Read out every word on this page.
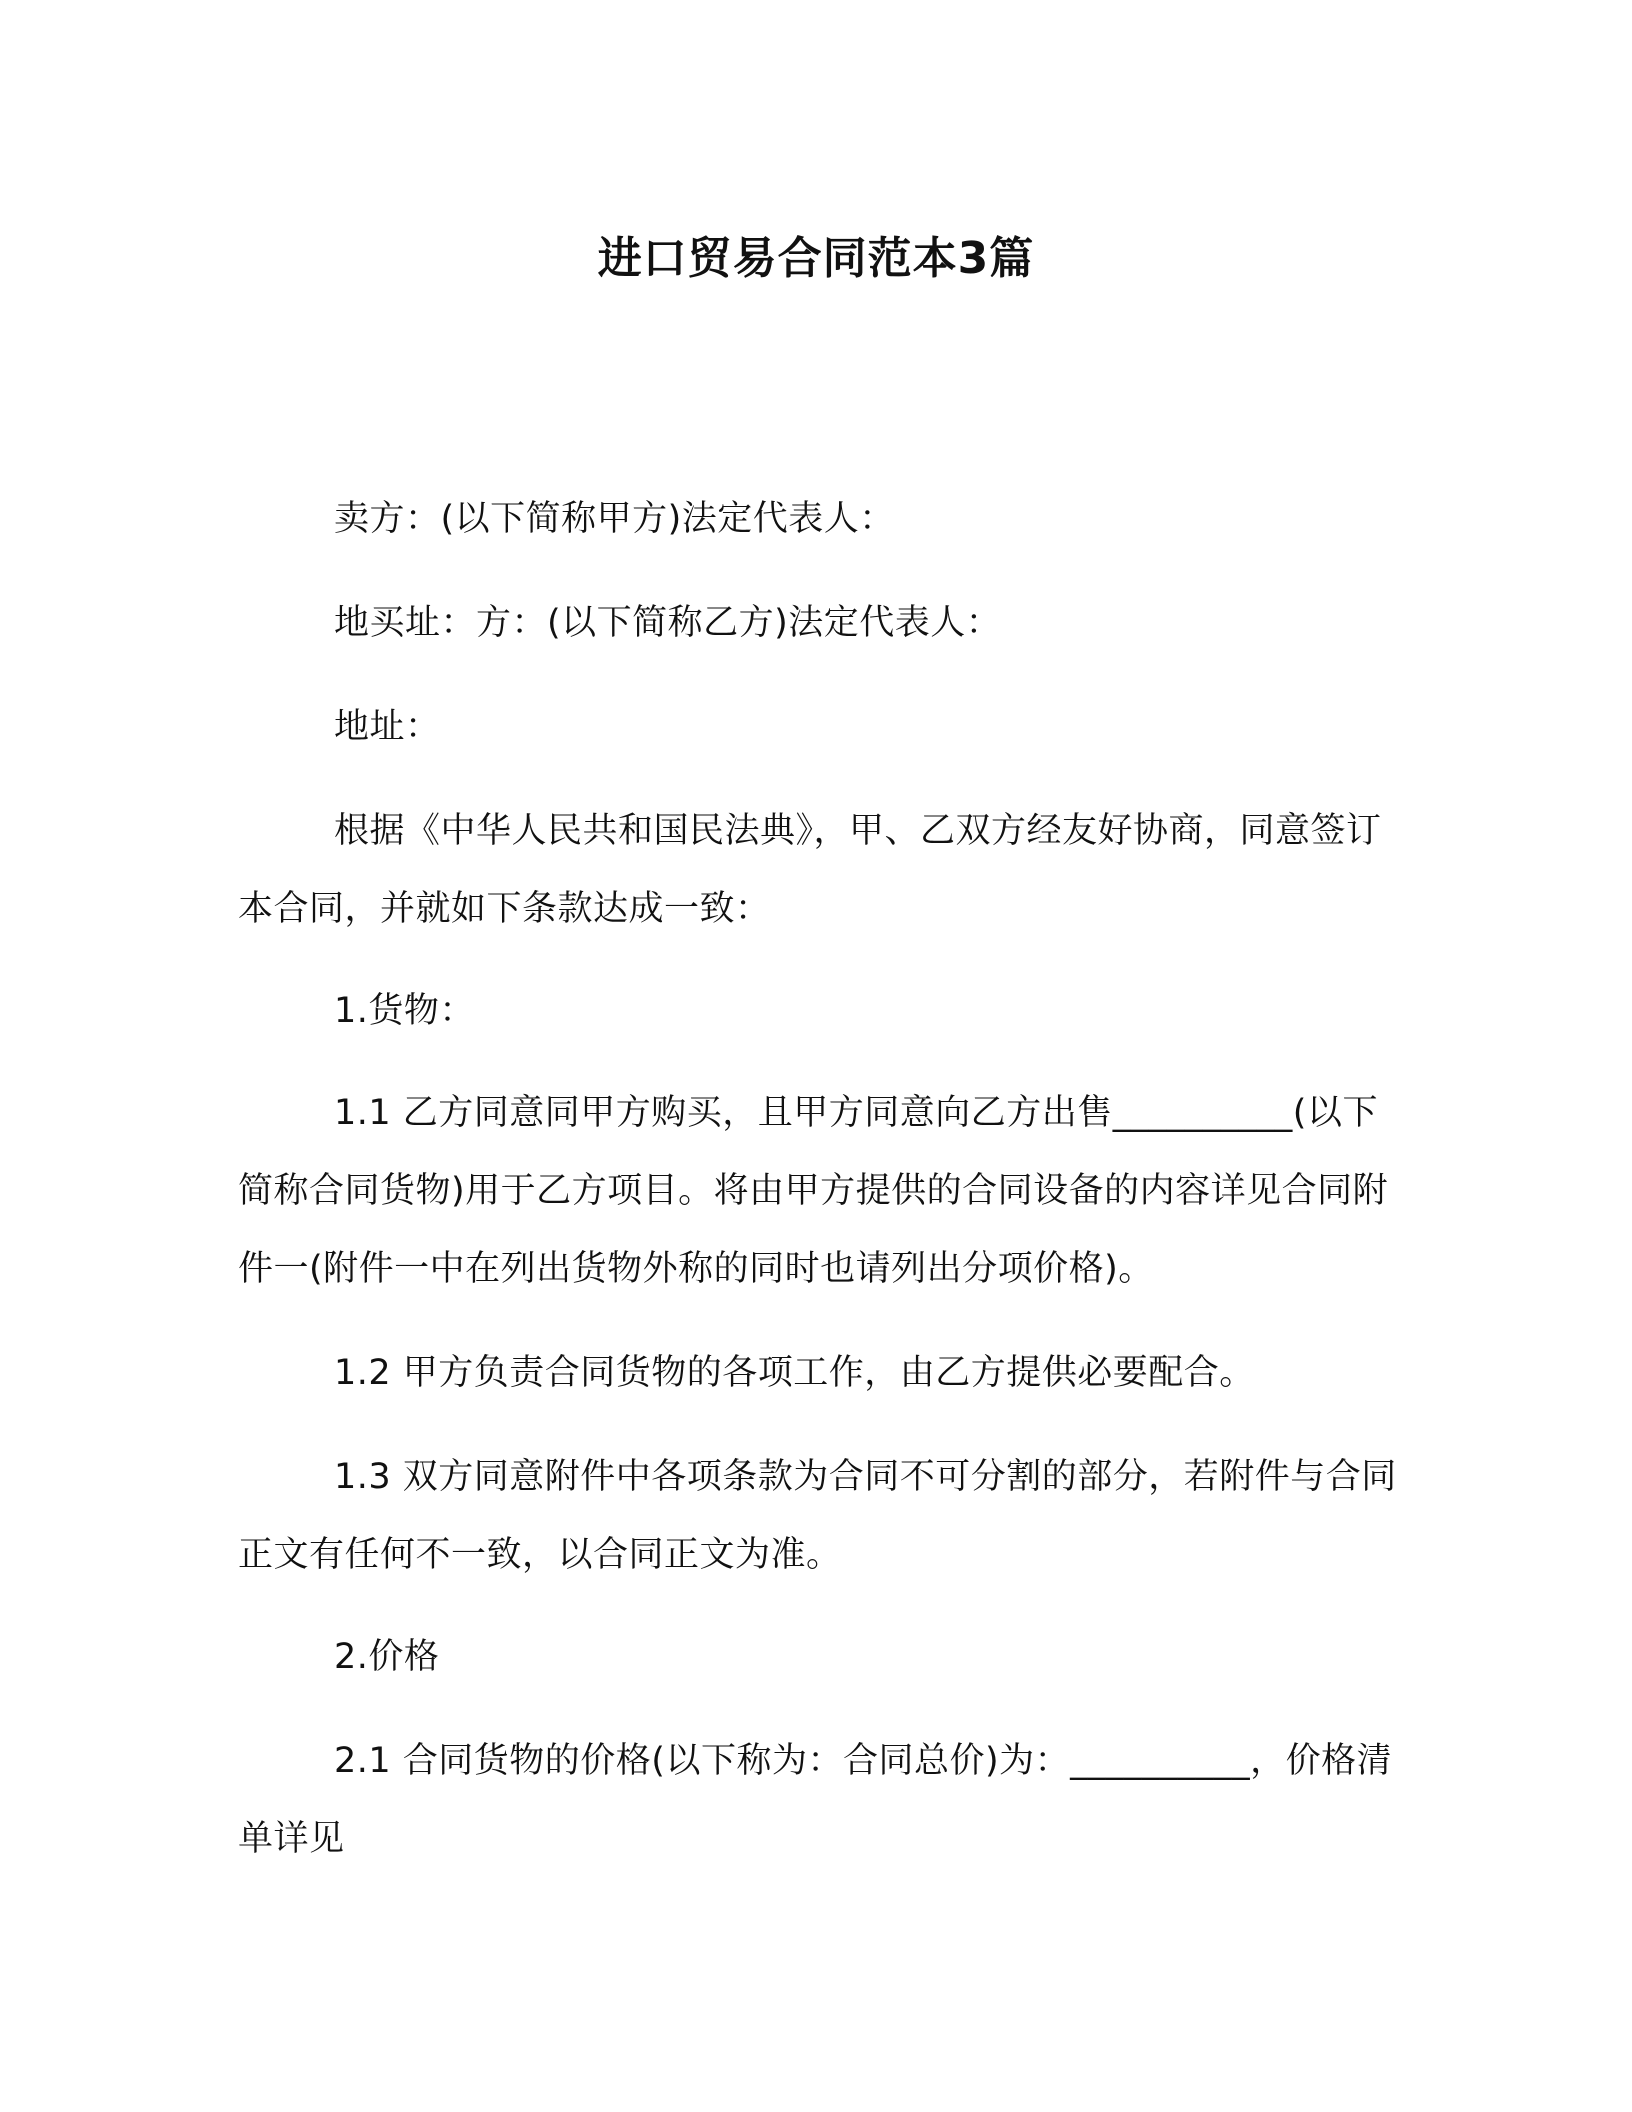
进口贸易合同范本3篇

卖方：(以下简称甲方)法定代表人：

地买址：方：(以下简称乙方)法定代表人：

地址：

根据《中华人民共和国民法典》，甲、乙双方经友好协商，同意签订本合同，并就如下条款达成一致：

1.货物：

1.1 乙方同意同甲方购买，且甲方同意向乙方出售__________(以下简称合同货物)用于乙方项目。将由甲方提供的合同设备的内容详见合同附件一(附件一中在列出货物外称的同时也请列出分项价格)。

1.2 甲方负责合同货物的各项工作，由乙方提供必要配合。

1.3 双方同意附件中各项条款为合同不可分割的部分，若附件与合同正文有任何不一致，以合同正文为准。

2.价格

2.1 合同货物的价格(以下称为：合同总价)为：__________，价格清单详见
